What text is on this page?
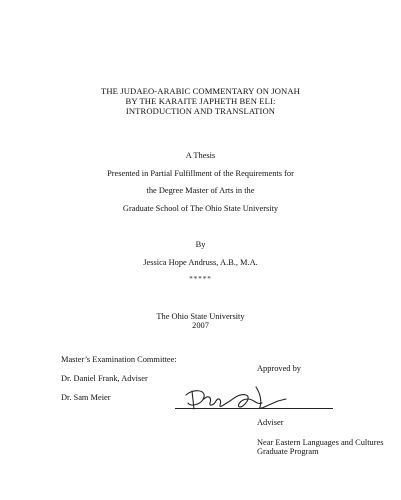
THE JUDAEO-ARABIC COMMENTARY ON JONAH
BY THE KARAITE JAPHETH BEN ELI:
INTRODUCTION AND TRANSLATION
A Thesis
Presented in Partial Fulfillment of the Requirements for
the Degree Master of Arts in the
Graduate School of The Ohio State University
By
Jessica Hope Andruss, A.B., M.A.
*****
The Ohio State University
2007
Master’s Examination Committee:
Dr. Daniel Frank, Adviser
Dr. Sam Meier
Approved by
Adviser
Near Eastern Languages and Cultures
Graduate Program
